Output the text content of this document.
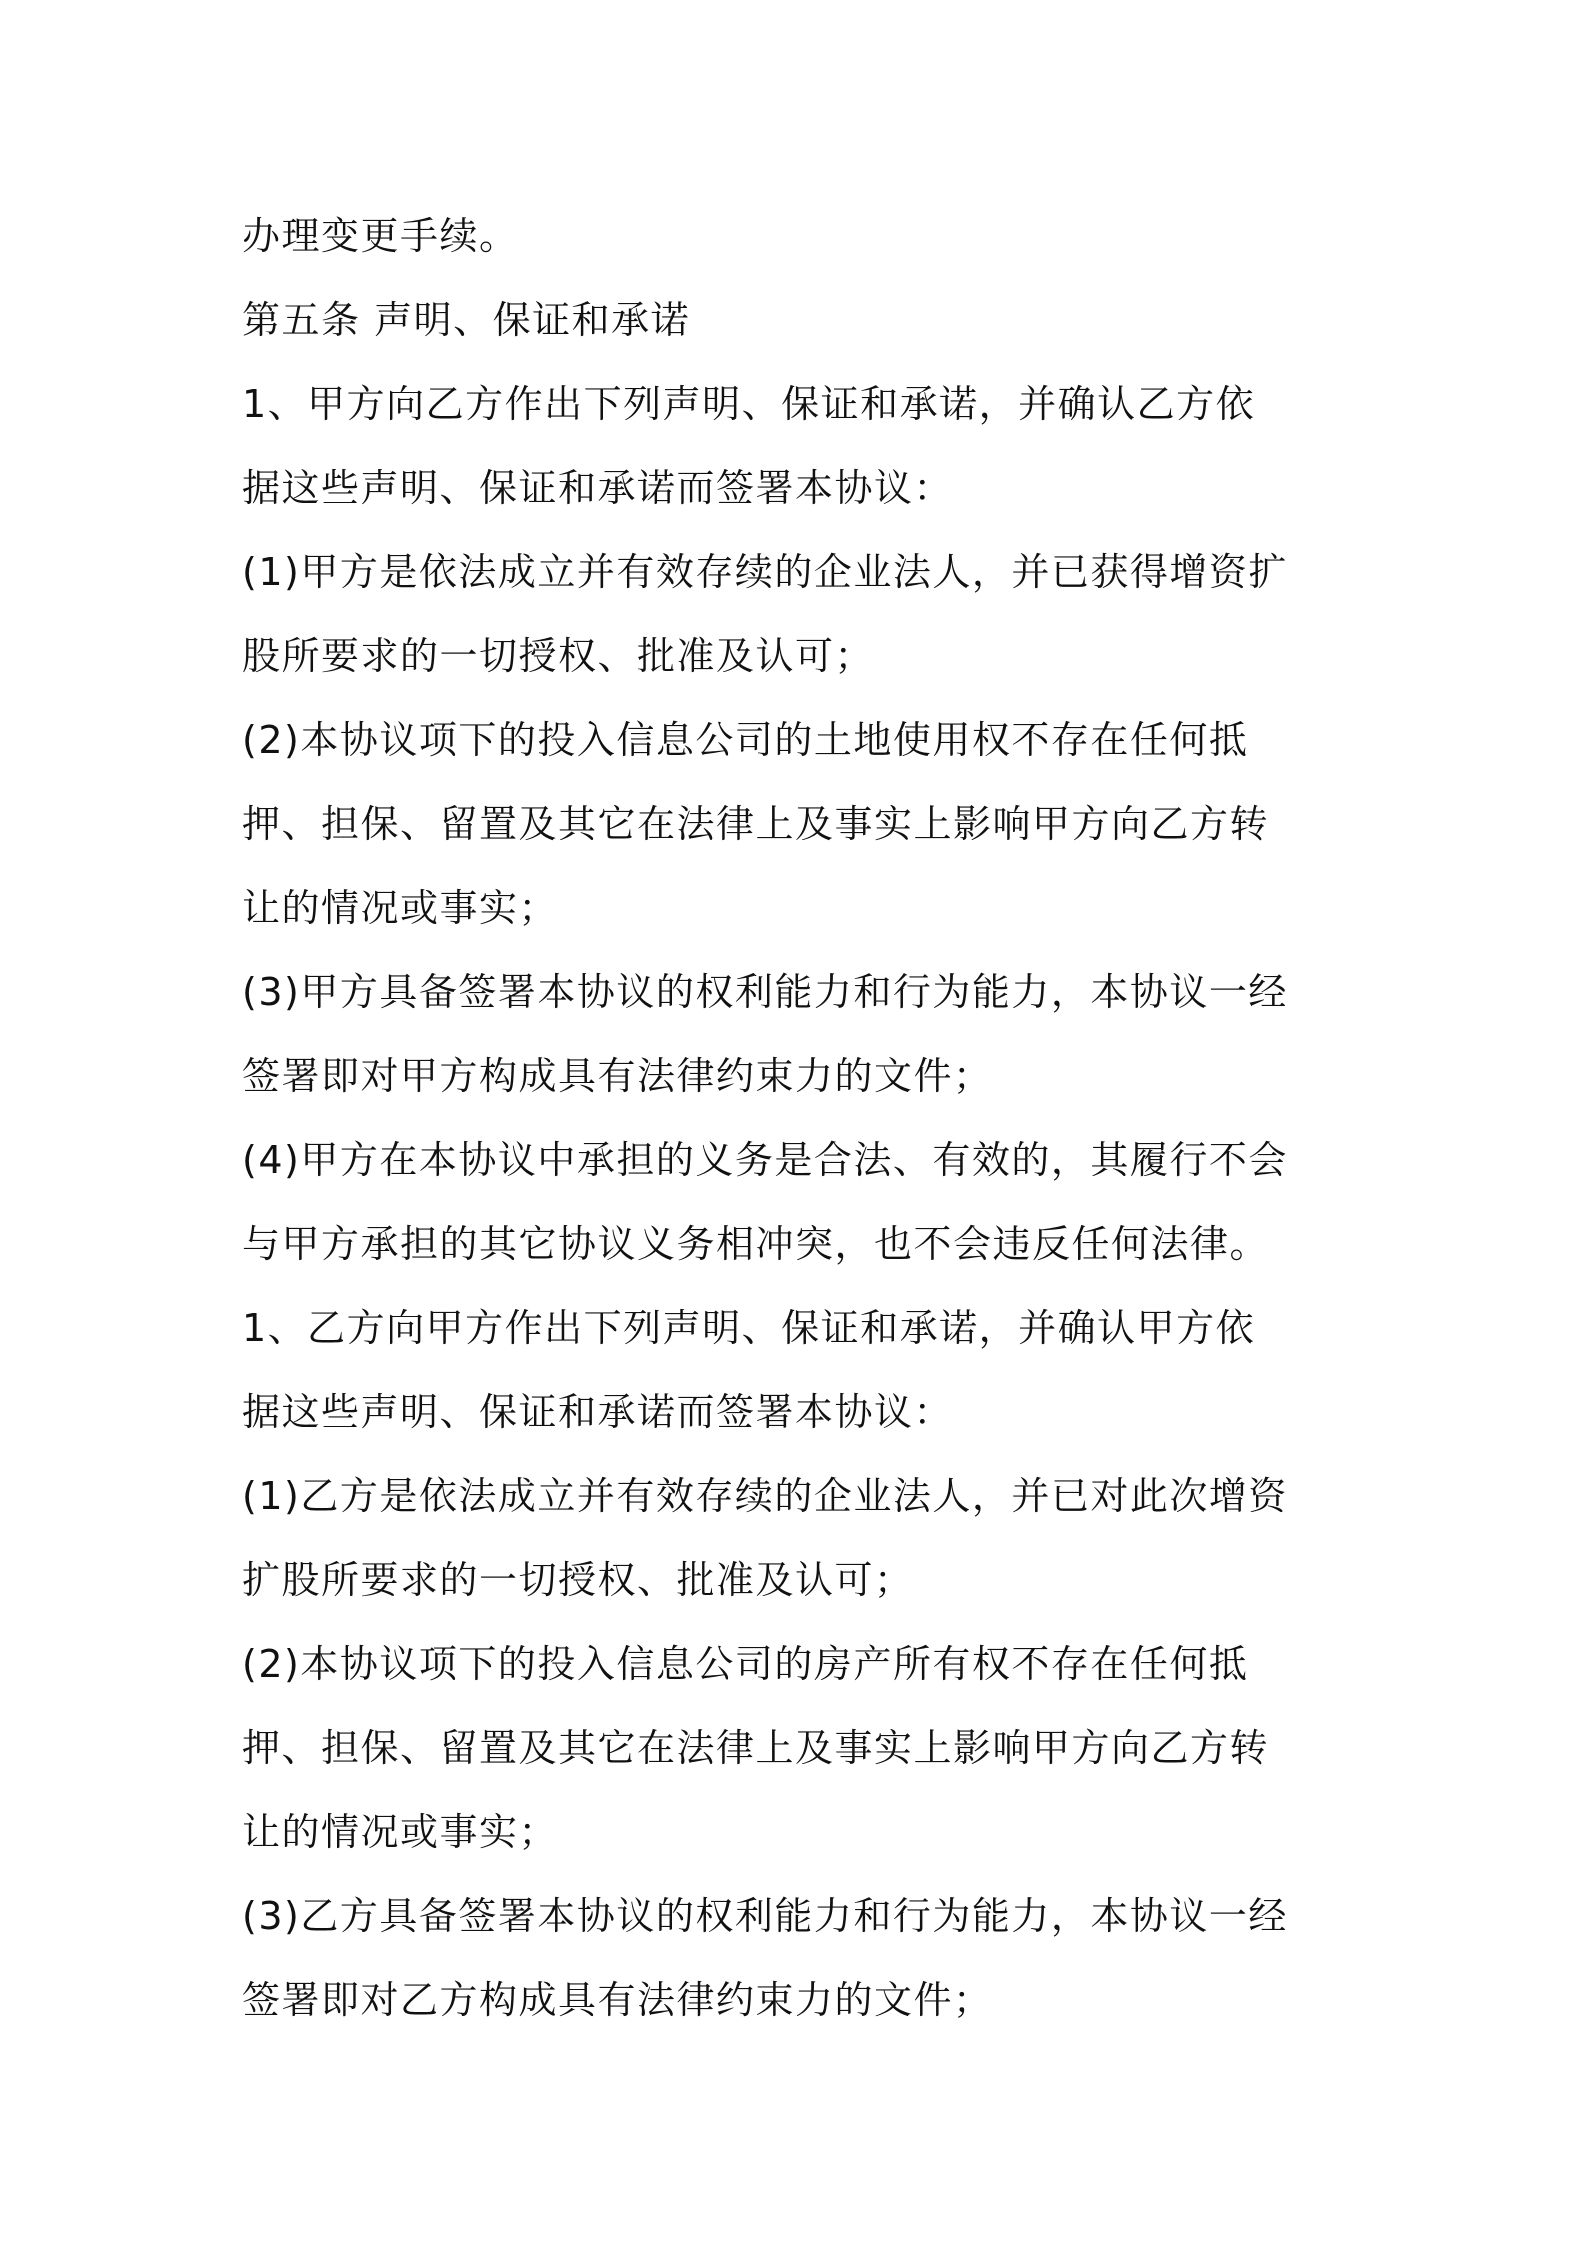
办理变更手续。
第五条 声明、保证和承诺
1、甲方向乙方作出下列声明、保证和承诺，并确认乙方依
据这些声明、保证和承诺而签署本协议：
(1)甲方是依法成立并有效存续的企业法人，并已获得增资扩
股所要求的一切授权、批准及认可；
(2)本协议项下的投入信息公司的土地使用权不存在任何抵
押、担保、留置及其它在法律上及事实上影响甲方向乙方转
让的情况或事实；
(3)甲方具备签署本协议的权利能力和行为能力，本协议一经
签署即对甲方构成具有法律约束力的文件；
(4)甲方在本协议中承担的义务是合法、有效的，其履行不会
与甲方承担的其它协议义务相冲突，也不会违反任何法律。
1、乙方向甲方作出下列声明、保证和承诺，并确认甲方依
据这些声明、保证和承诺而签署本协议：
(1)乙方是依法成立并有效存续的企业法人，并已对此次增资
扩股所要求的一切授权、批准及认可；
(2)本协议项下的投入信息公司的房产所有权不存在任何抵
押、担保、留置及其它在法律上及事实上影响甲方向乙方转
让的情况或事实；
(3)乙方具备签署本协议的权利能力和行为能力，本协议一经
签署即对乙方构成具有法律约束力的文件；
